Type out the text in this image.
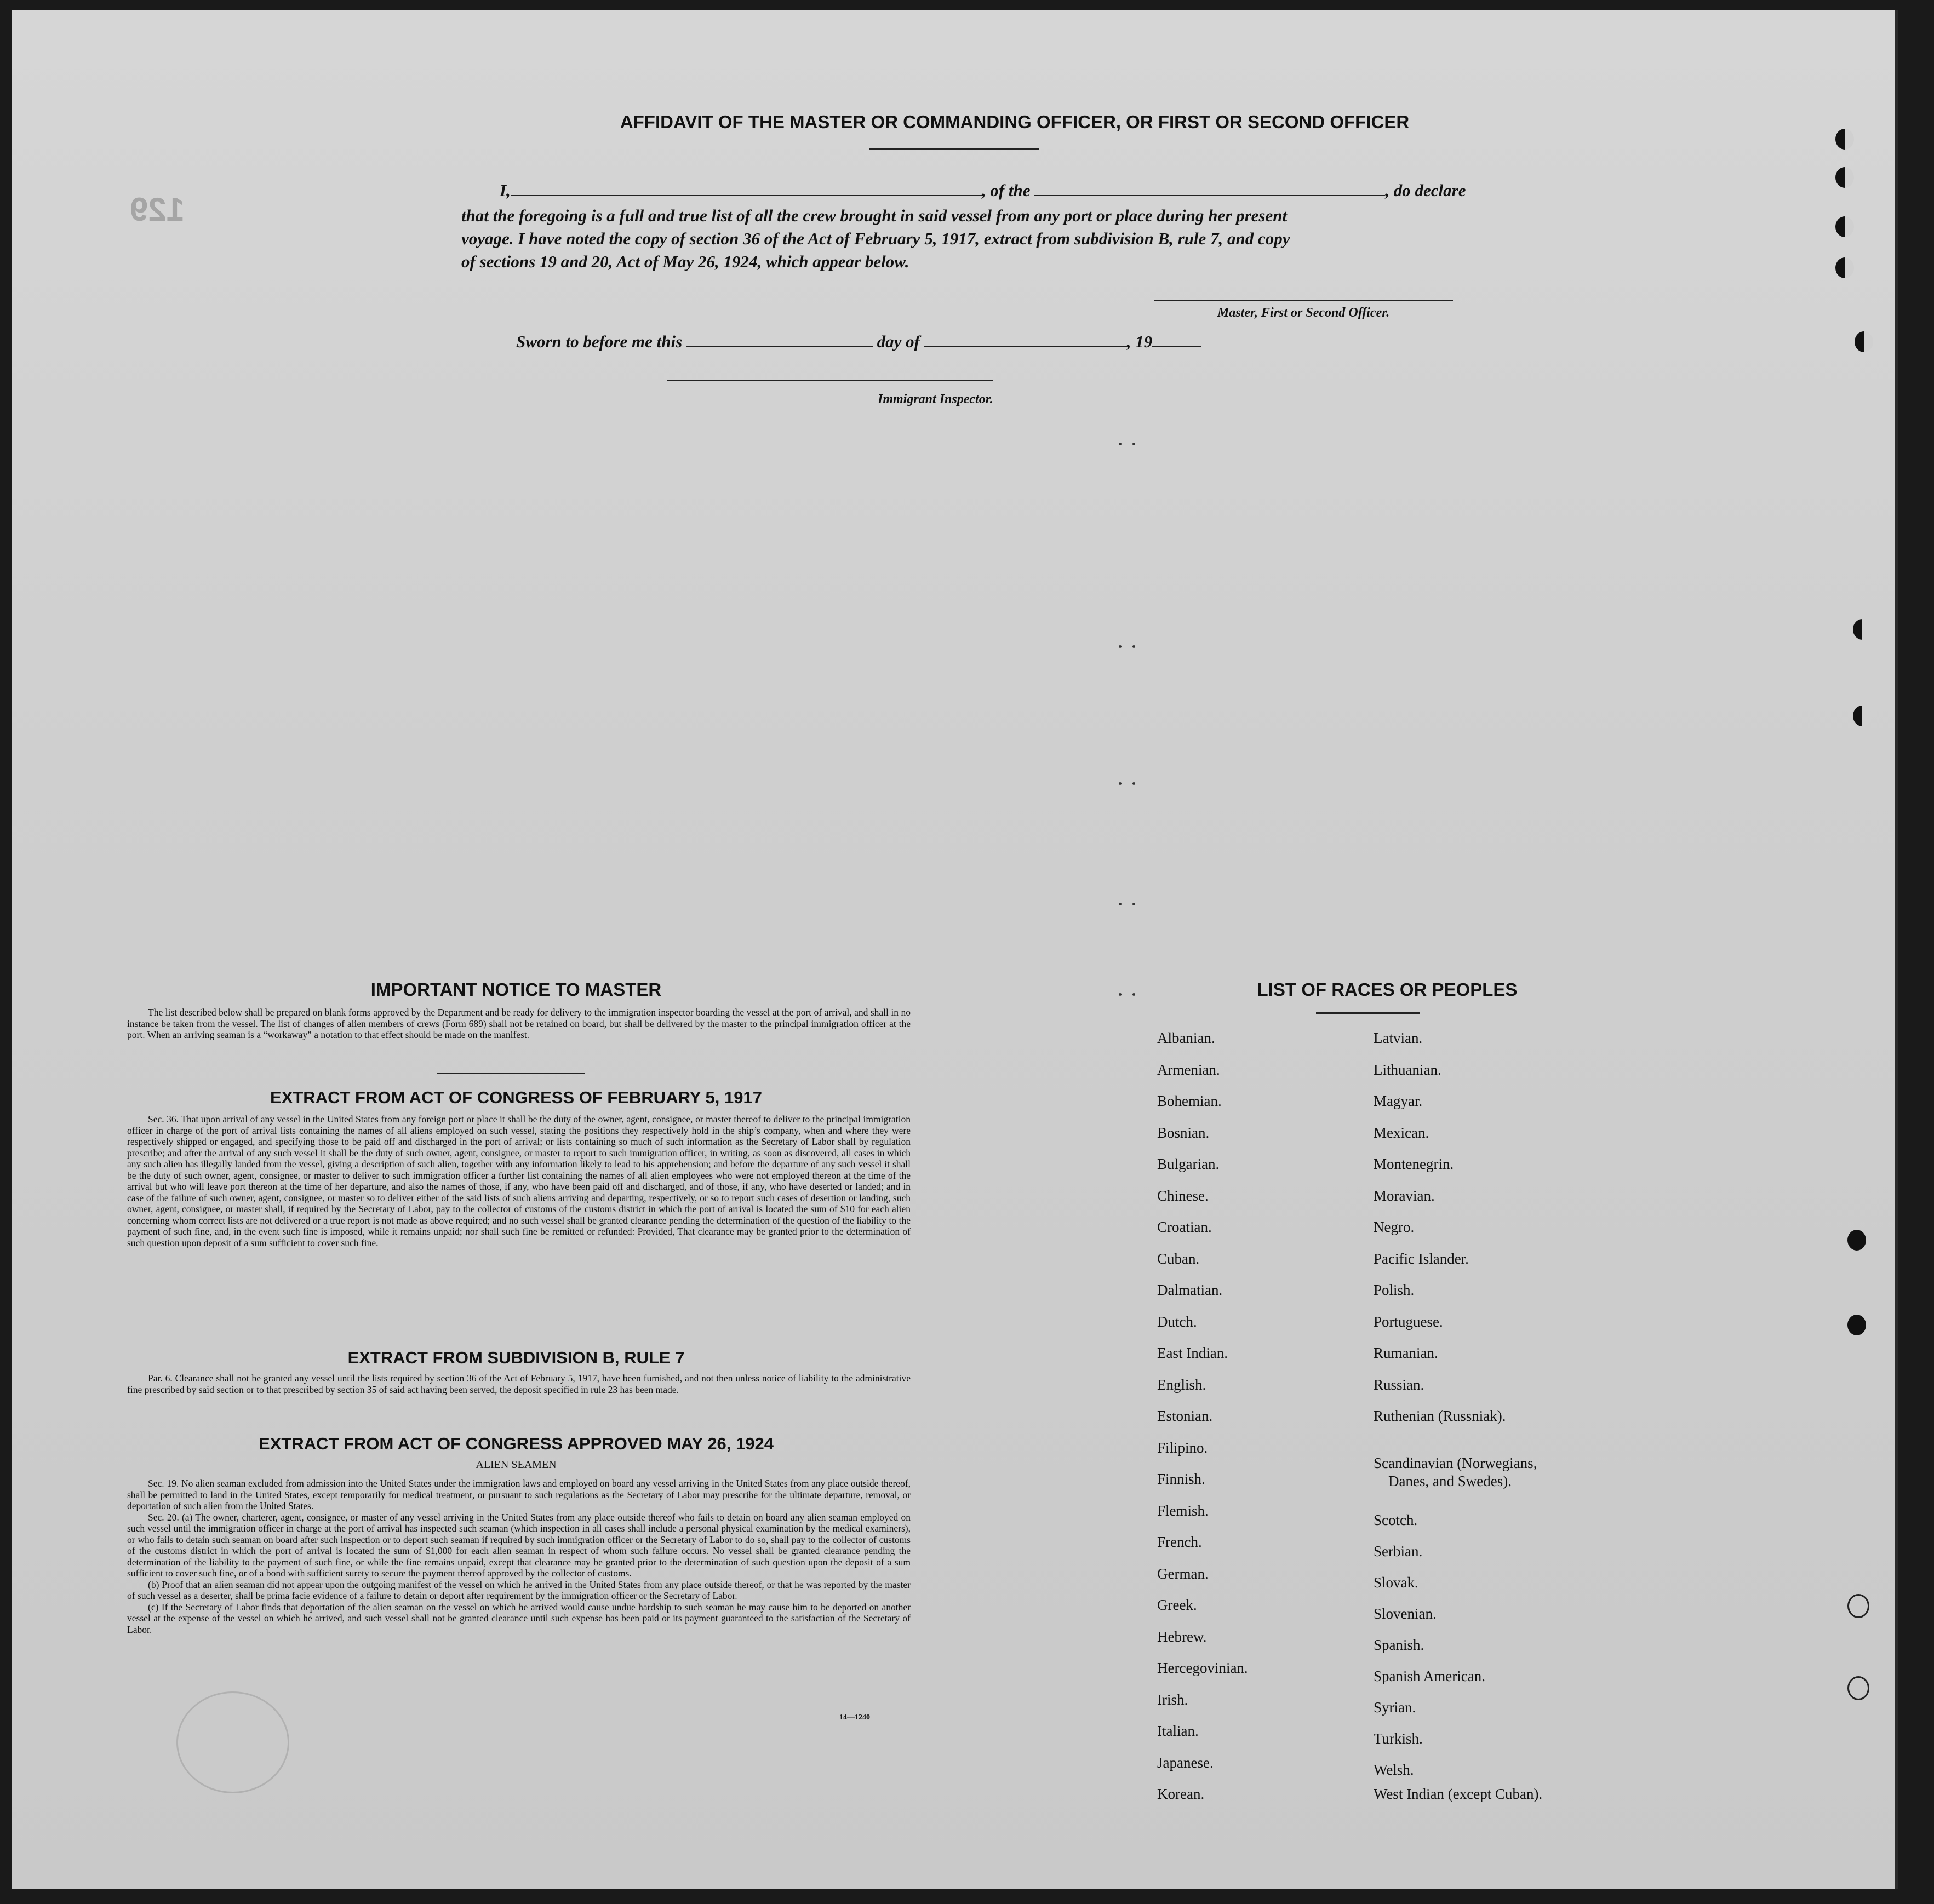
129
AFFIDAVIT OF THE MASTER OR COMMANDING OFFICER, OR FIRST OR SECOND OFFICER
I,	, of the	, do declare
that the foregoing is a full and true list of all the crew brought in said vessel from any port or place during her present
voyage. I have noted the copy of section 36 of the Act of February 5, 1917, extract from subdivision B, rule 7, and copy
of sections 19 and 20, Act of May 26, 1924, which appear below.
Master, First or Second Officer.
Sworn to before me this	day of	, 19
Immigrant Inspector.
IMPORTANT NOTICE TO MASTER

The list described below shall be prepared on blank forms approved by the Department and be ready for delivery to the immigration inspector boarding the vessel at the port of arrival, and shall in no instance be taken from the vessel. The list of changes of alien members of crews (Form 689) shall not be retained on board, but shall be delivered by the master to the principal immigration officer at the port. When an arriving seaman is a “workaway” a notation to that effect should be made on the manifest.

EXTRACT FROM ACT OF CONGRESS OF FEBRUARY 5, 1917

Sec. 36. That upon arrival of any vessel in the United States from any foreign port or place it shall be the duty of the owner, agent, consignee, or master thereof to deliver to the principal immigration officer in charge of the port of arrival lists containing the names of all aliens employed on such vessel, stating the positions they respectively hold in the ship’s company, when and where they were respectively shipped or engaged, and specifying those to be paid off and discharged in the port of arrival; or lists containing so much of such information as the Secretary of Labor shall by regulation prescribe; and after the arrival of any such vessel it shall be the duty of such owner, agent, consignee, or master to report to such immigration officer, in writing, as soon as discovered, all cases in which any such alien has illegally landed from the vessel, giving a description of such alien, together with any information likely to lead to his apprehension; and before the departure of any such vessel it shall be the duty of such owner, agent, consignee, or master to deliver to such immigration officer a further list containing the names of all alien employees who were not employed thereon at the time of the arrival but who will leave port thereon at the time of her departure, and also the names of those, if any, who have been paid off and discharged, and of those, if any, who have deserted or landed; and in case of the failure of such owner, agent, consignee, or master so to deliver either of the said lists of such aliens arriving and departing, respectively, or so to report such cases of desertion or landing, such owner, agent, consignee, or master shall, if required by the Secretary of Labor, pay to the collector of customs of the customs district in which the port of arrival is located the sum of $10 for each alien concerning whom correct lists are not delivered or a true report is not made as above required; and no such vessel shall be granted clearance pending the determination of the question of the liability to the payment of such fine, and, in the event such fine is imposed, while it remains unpaid; nor shall such fine be remitted or refunded: Provided, That clearance may be granted prior to the determination of such question upon deposit of a sum sufficient to cover such fine.

EXTRACT FROM SUBDIVISION B, RULE 7

Par. 6. Clearance shall not be granted any vessel until the lists required by section 36 of the Act of February 5, 1917, have been furnished, and not then unless notice of liability to the administrative fine prescribed by said section or to that prescribed by section 35 of said act having been served, the deposit specified in rule 23 has been made.

EXTRACT FROM ACT OF CONGRESS APPROVED MAY 26, 1924
ALIEN SEAMEN

Sec. 19. No alien seaman excluded from admission into the United States under the immigration laws and employed on board any vessel arriving in the United States from any place outside thereof, shall be permitted to land in the United States, except temporarily for medical treatment, or pursuant to such regulations as the Secretary of Labor may prescribe for the ultimate departure, removal, or deportation of such alien from the United States.

Sec. 20. (a) The owner, charterer, agent, consignee, or master of any vessel arriving in the United States from any place outside thereof who fails to detain on board any alien seaman employed on such vessel until the immigration officer in charge at the port of arrival has inspected such seaman (which inspection in all cases shall include a personal physical examination by the medical examiners), or who fails to detain such seaman on board after such inspection or to deport such seaman if required by such immigration officer or the Secretary of Labor to do so, shall pay to the collector of customs of the customs district in which the port of arrival is located the sum of $1,000 for each alien seaman in respect of whom such failure occurs. No vessel shall be granted clearance pending the determination of the liability to the payment of such fine, or while the fine remains unpaid, except that clearance may be granted prior to the determination of such question upon the deposit of a sum sufficient to cover such fine, or of a bond with sufficient surety to secure the payment thereof approved by the collector of customs.

(b) Proof that an alien seaman did not appear upon the outgoing manifest of the vessel on which he arrived in the United States from any place outside thereof, or that he was reported by the master of such vessel as a deserter, shall be prima facie evidence of a failure to detain or deport after requirement by the immigration officer or the Secretary of Labor.

(c) If the Secretary of Labor finds that deportation of the alien seaman on the vessel on which he arrived would cause undue hardship to such seaman he may cause him to be deported on another vessel at the expense of the vessel on which he arrived, and such vessel shall not be granted clearance until such expense has been paid or its payment guaranteed to the satisfaction of the Secretary of Labor.

14—1240
LIST OF RACES OR PEOPLES
Albanian.
Armenian.
Bohemian.
Bosnian.
Bulgarian.
Chinese.
Croatian.
Cuban.
Dalmatian.
Dutch.
East Indian.
English.
Estonian.
Filipino.
Finnish.
Flemish.
French.
German.
Greek.
Hebrew.
Hercegovinian.
Irish.
Italian.
Japanese.
Korean.
Latvian.
Lithuanian.
Magyar.
Mexican.
Montenegrin.
Moravian.
Negro.
Pacific Islander.
Polish.
Portuguese.
Rumanian.
Russian.
Ruthenian (Russniak).
Scandinavian (Norwegians,
Danes, and Swedes).
Scotch.
Serbian.
Slovak.
Slovenian.
Spanish.
Spanish American.
Syrian.
Turkish.
Welsh.
West Indian (except Cuban).
